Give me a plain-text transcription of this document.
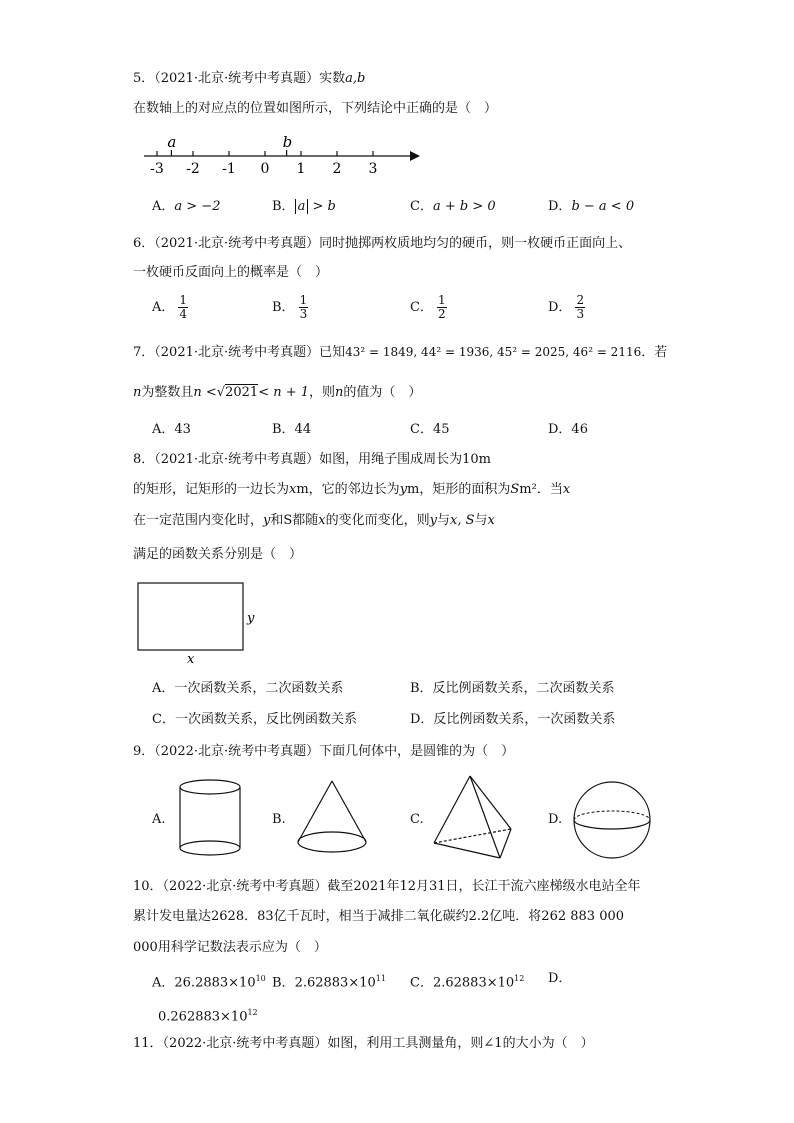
5．（2021·北京·统考中考真题）实数a,b
在数轴上的对应点的位置如图所示，下列结论中正确的是（　）
-3 -2 -1 0 1 2 3
a	b
A．a > −2	B． a > b	C．a + b > 0	D．b − a < 0
6．（2021·北京·统考中考真题）同时抛掷两枚质地均匀的硬币，则一枚硬币正面向上、
一枚硬币反面向上的概率是（　）
A． $\frac{1}{4}$	B． $\frac{1}{3}$	C． $\frac{1}{2}$	D． $\frac{2}{3}$
7．（2021·北京·统考中考真题）已知43² = 1849, 44² = 1936, 45² = 2025, 46² = 2116．若
n为整数且n <√2021< n + 1，则n的值为（　）
A．43	B．44	C．45	D．46
8．（2021·北京·统考中考真题）如图，用绳子围成周长为10m
的矩形，记矩形的一边长为xm，它的邻边长为ym，矩形的面积为Sm²．当x
在一定范围内变化时，y和S都随x的变化而变化，则y与x, S与x
满足的函数关系分别是（　）
y
x
A．一次函数关系，二次函数关系	B．反比例函数关系，二次函数关系
C．一次函数关系，反比例函数关系	D．反比例函数关系，一次函数关系
9．（2022·北京·统考中考真题）下面几何体中，是圆锥的为（　）
A.	B.	C.	D.
10．（2022·北京·统考中考真题）截至2021年12月31日，长江干流六座梯级水电站全年
累计发电量达2628．83亿千瓦时，相当于减排二氧化碳约2.2亿吨．将262 883 000
000用科学记数法表示应为（　）
A．$26.2883\times 10^{10}$ B．$2.62883\times 10^{11}$ C．$2.62883\times 10^{12}$ D．
$0.262883\times 10^{12}$
11．（2022·北京·统考中考真题）如图，利用工具测量角，则∠1的大小为（　）
